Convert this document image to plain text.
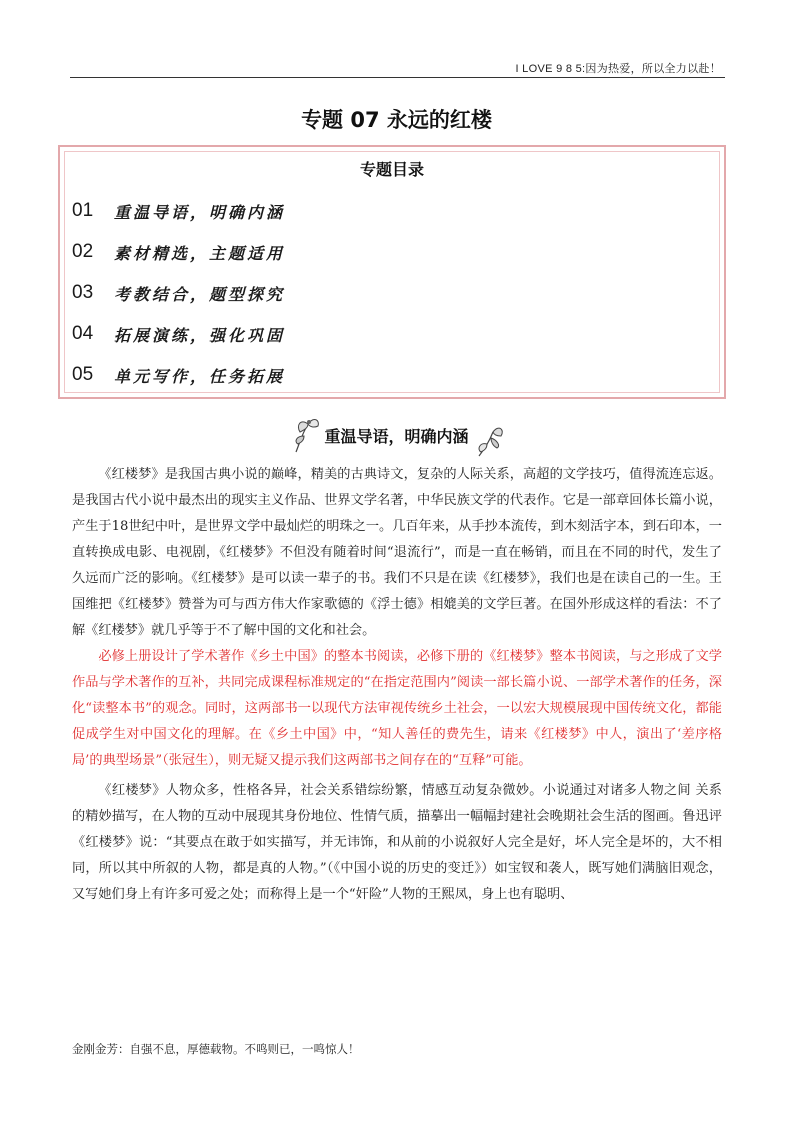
I LOVE 9 8 5:因为热爱，所以全力以赴！
专题 07 永远的红楼
专题目录
01	重温导语，明确内涵
02	素材精选，主题适用
03	考教结合，题型探究
04	拓展演练，强化巩固
05	单元写作，任务拓展
重温导语，明确内涵

《红楼梦》是我国古典小说的巅峰，精美的古典诗文，复杂的人际关系，高超的文学技巧，值得流连忘返。是我国古代小说中最杰出的现实主义作品、世界文学名著，中华民族文学的代表作。它是一部章回体长篇小说，产生于18世纪中叶，是世界文学中最灿烂的明珠之一。几百年来，从手抄本流传，到木刻活字本，到石印本，一直转换成电影、电视剧，《红楼梦》不但没有随着时间“退流行”，而是一直在畅销，而且在不同的时代，发生了久远而广泛的影响。《红楼梦》是可以读一辈子的书。我们不只是在读《红楼梦》，我们也是在读自己的一生。王国维把《红楼梦》赞誉为可与西方伟大作家歌德的《浮士德》相媲美的文学巨著。在国外形成这样的看法：不了解《红楼梦》就几乎等于不了解中国的文化和社会。

必修上册设计了学术著作《乡土中国》的整本书阅读，必修下册的《红楼梦》整本书阅读，与之形成了文学作品与学术著作的互补，共同完成课程标准规定的“在指定范围内”阅读一部长篇小说、一部学术著作的任务，深化“读整本书”的观念。同时，这两部书一以现代方法审视传统乡土社会，一以宏大规模展现中国传统文化，都能促成学生对中国文化的理解。在《乡土中国》中，“知人善任的费先生，请来《红楼梦》中人，演出了‘差序格局’的典型场景”（张冠生），则无疑又提示我们这两部书之间存在的“互释”可能。

《红楼梦》人物众多，性格各异，社会关系错综纷繁，情感互动复杂微妙。小说通过对诸多人物之间 关系的精妙描写，在人物的互动中展现其身份地位、性情气质，描摹出一幅幅封建社会晚期社会生活的图画。鲁迅评《红楼梦》说：“其要点在敢于如实描写，并无讳饰，和从前的小说叙好人完全是好，坏人完全是坏的，大不相同，所以其中所叙的人物，都是真的人物。”（《中国小说的历史的变迁》）如宝钗和袭人，既写她们满脑旧观念，又写她们身上有许多可爱之处；而称得上是一个“奸险”人物的王熙凤，身上也有聪明、

金刚金芳：自强不息，厚德载物。不鸣则已，一鸣惊人！
